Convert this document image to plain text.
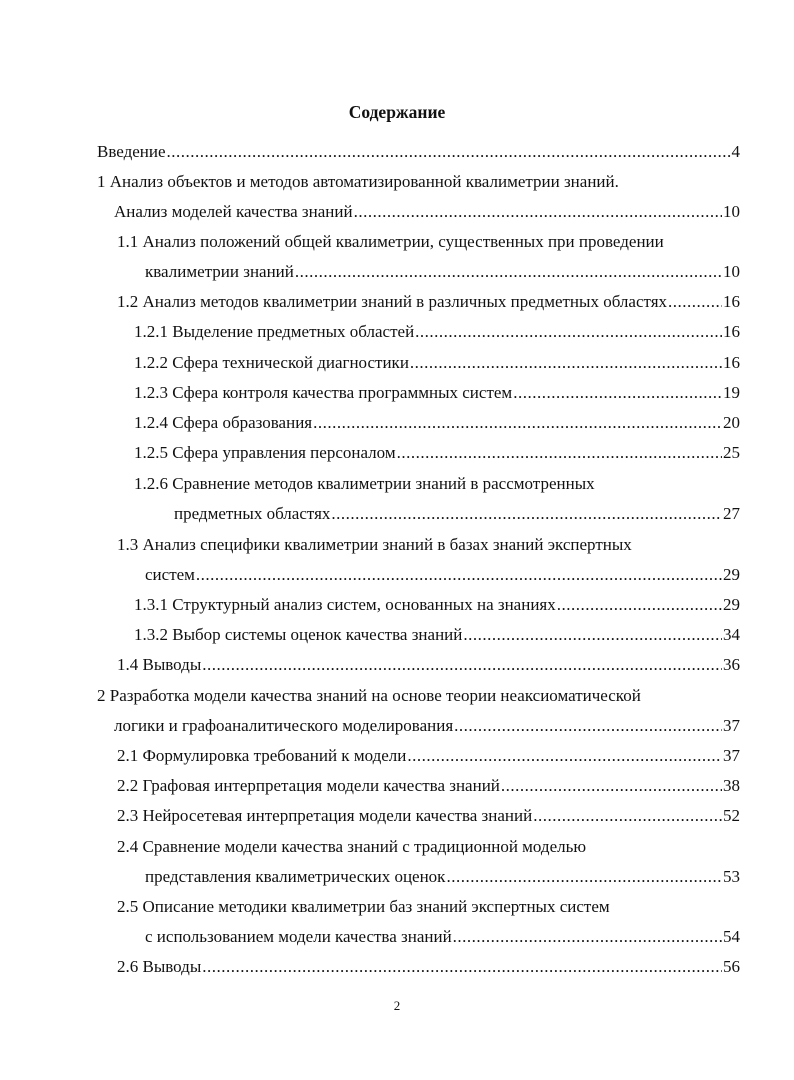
Содержание
Введение .....	4
1 Анализ объектов и методов автоматизированной квалиметрии знаний.
Анализ моделей качества знаний .....	10
1.1 Анализ положений общей квалиметрии, существенных при проведении
квалиметрии знаний .....	10
1.2 Анализ методов квалиметрии знаний в различных предметных областях .....	16
1.2.1 Выделение предметных областей .....	16
1.2.2 Сфера технической диагностики .....	16
1.2.3 Сфера контроля качества программных систем .....	19
1.2.4 Сфера образования .....	20
1.2.5 Сфера управления персоналом .....	25
1.2.6 Сравнение методов квалиметрии знаний в рассмотренных
предметных областях .....	27
1.3 Анализ специфики квалиметрии знаний в базах знаний экспертных
систем .....	29
1.3.1 Структурный анализ систем, основанных на знаниях .....	29
1.3.2 Выбор системы оценок качества знаний .....	34
1.4 Выводы .....	36
2 Разработка модели качества знаний на основе теории неаксиоматической
логики и графоаналитического моделирования .....	37
2.1 Формулировка требований к модели .....	37
2.2 Графовая интерпретация модели качества знаний .....	38
2.3 Нейросетевая интерпретация модели качества знаний .....	52
2.4 Сравнение модели качества знаний с традиционной моделью
представления квалиметрических оценок .....	53
2.5 Описание методики квалиметрии баз знаний экспертных систем
с использованием модели качества знаний .....	54
2.6 Выводы .....	56
2
